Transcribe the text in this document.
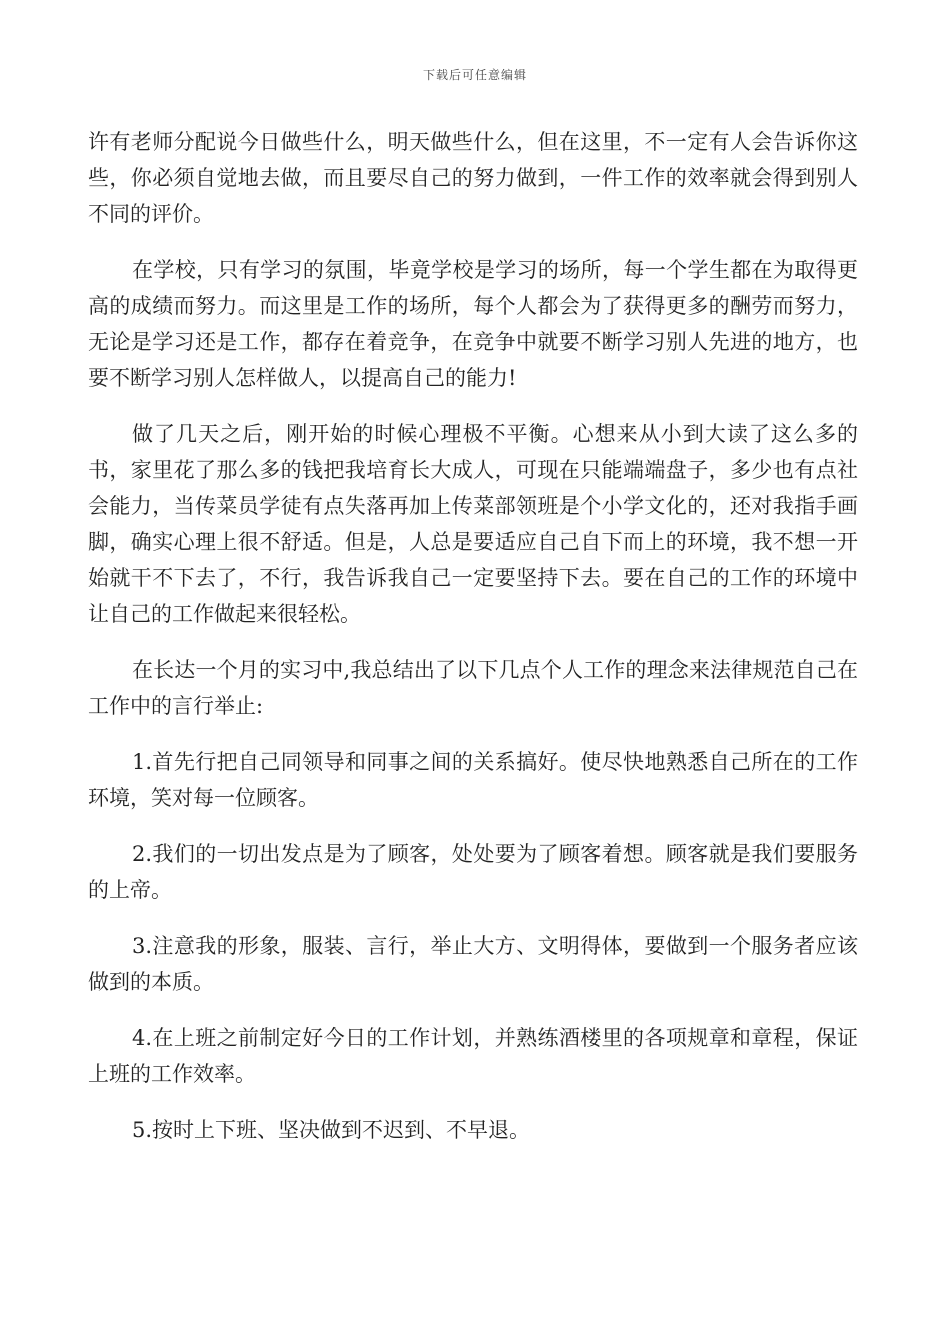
下载后可任意编辑

许有老师分配说今日做些什么，明天做些什么，但在这里，不一定有人会告诉你这些，你必须自觉地去做，而且要尽自己的努力做到，一件工作的效率就会得到别人不同的评价。

在学校，只有学习的氛围，毕竟学校是学习的场所，每一个学生都在为取得更高的成绩而努力。而这里是工作的场所，每个人都会为了获得更多的酬劳而努力，无论是学习还是工作，都存在着竞争，在竞争中就要不断学习别人先进的地方，也要不断学习别人怎样做人，以提高自己的能力!

做了几天之后，刚开始的时候心理极不平衡。心想来从小到大读了这么多的书，家里花了那么多的钱把我培育长大成人，可现在只能端端盘子，多少也有点社会能力，当传菜员学徒有点失落再加上传菜部领班是个小学文化的，还对我指手画脚，确实心理上很不舒适。但是，人总是要适应自己自下而上的环境，我不想一开始就干不下去了，不行，我告诉我自己一定要坚持下去。要在自己的工作的环境中让自己的工作做起来很轻松。

在长达一个月的实习中,我总结出了以下几点个人工作的理念来法律规范自己在工作中的言行举止:

1.首先行把自己同领导和同事之间的关系搞好。使尽快地熟悉自己所在的工作环境，笑对每一位顾客。

2.我们的一切出发点是为了顾客，处处要为了顾客着想。顾客就是我们要服务的上帝。

3.注意我的形象，服装、言行，举止大方、文明得体，要做到一个服务者应该做到的本质。

4.在上班之前制定好今日的工作计划，并熟练酒楼里的各项规章和章程，保证上班的工作效率。

5.按时上下班、坚决做到不迟到、不早退。
